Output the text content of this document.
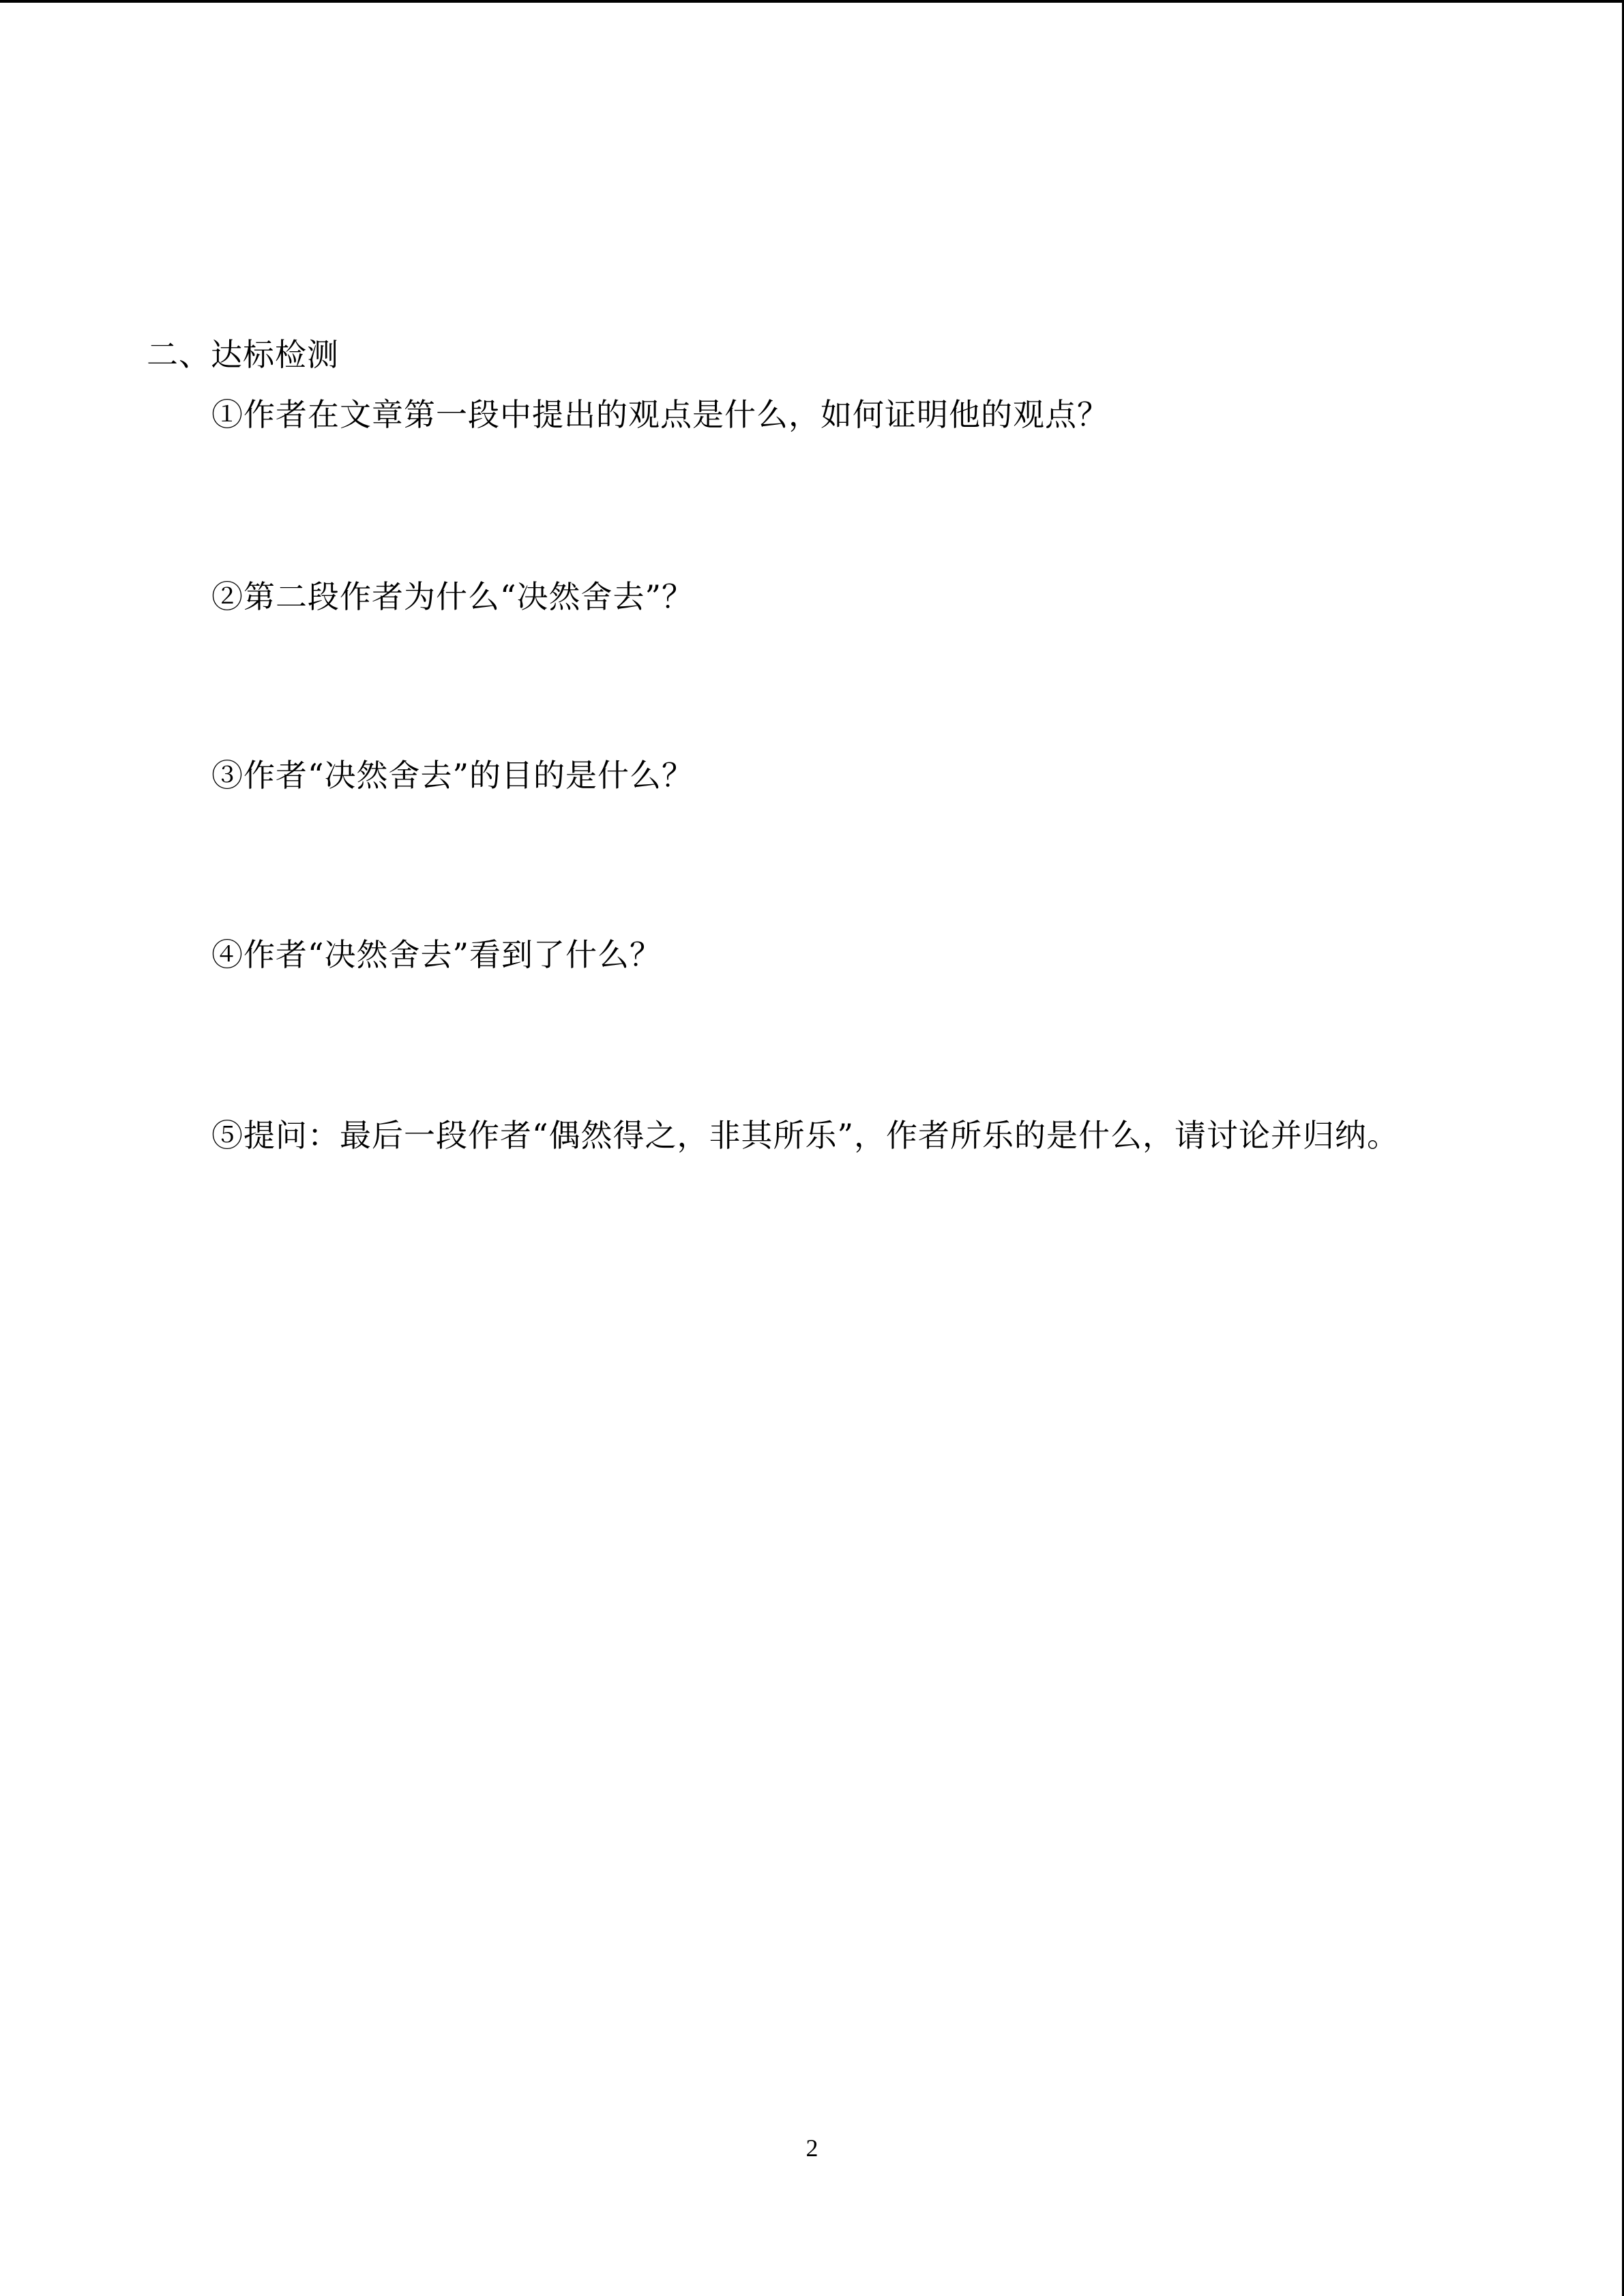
二、达标检测
①作者在文章第一段中提出的观点是什么，如何证明他的观点？
②第二段作者为什么“决然舍去”？
③作者“决然舍去”的目的是什么？
④作者“决然舍去”看到了什么？
⑤提问：最后一段作者“偶然得之，非其所乐”，作者所乐的是什么，请讨论并归纳。
2
